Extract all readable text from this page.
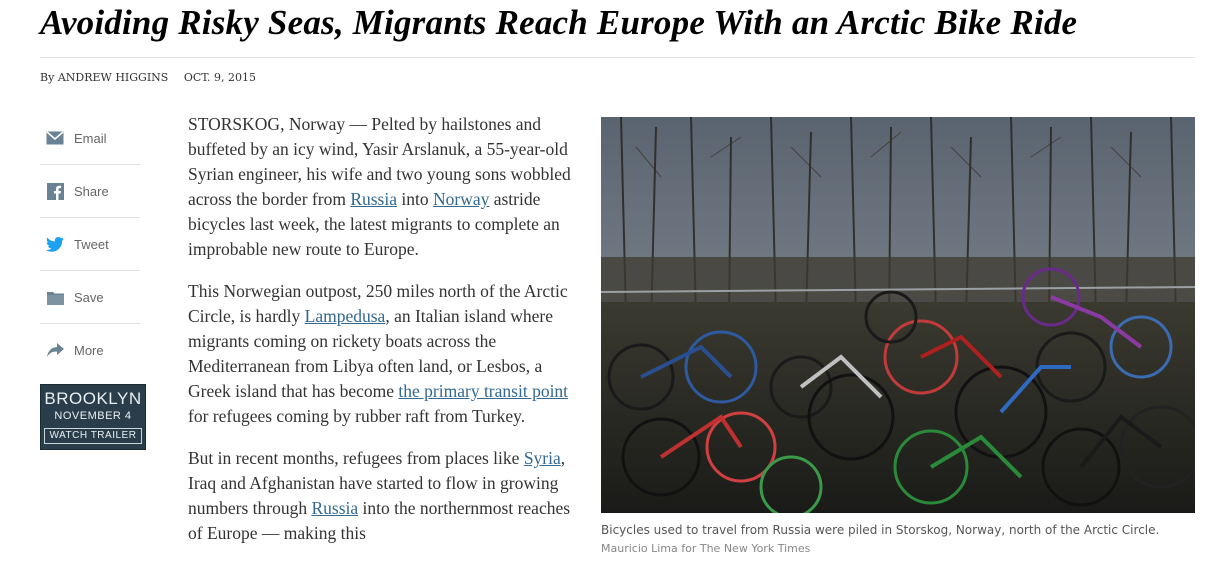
Avoiding Risky Seas, Migrants Reach Europe With an Arctic Bike Ride
By ANDREW HIGGINS OCT. 9, 2015
Email
Share
Tweet
Save
More
BROOKLYN
NOVEMBER 4
WATCH TRAILER

STORSKOG, Norway — Pelted by hailstones and buffeted by an icy wind, Yasir Arslanuk, a 55-year-old Syrian engineer, his wife and two young sons wobbled across the border from Russia into Norway astride bicycles last week, the latest migrants to complete an improbable new route to Europe.

This Norwegian outpost, 250 miles north of the Arctic Circle, is hardly Lampedusa, an Italian island where migrants coming on rickety boats across the Mediterranean from Libya often land, or Lesbos, a Greek island that has become the primary transit point for refugees coming by rubber raft from Turkey.

But in recent months, refugees from places like Syria, Iraq and Afghanistan have started to flow in growing numbers through Russia into the northernmost reaches of Europe — making this	Bicycles used to travel from Russia were piled in Storskog, Norway, north of the Arctic Circle.
Mauricio Lima for The New York Times
